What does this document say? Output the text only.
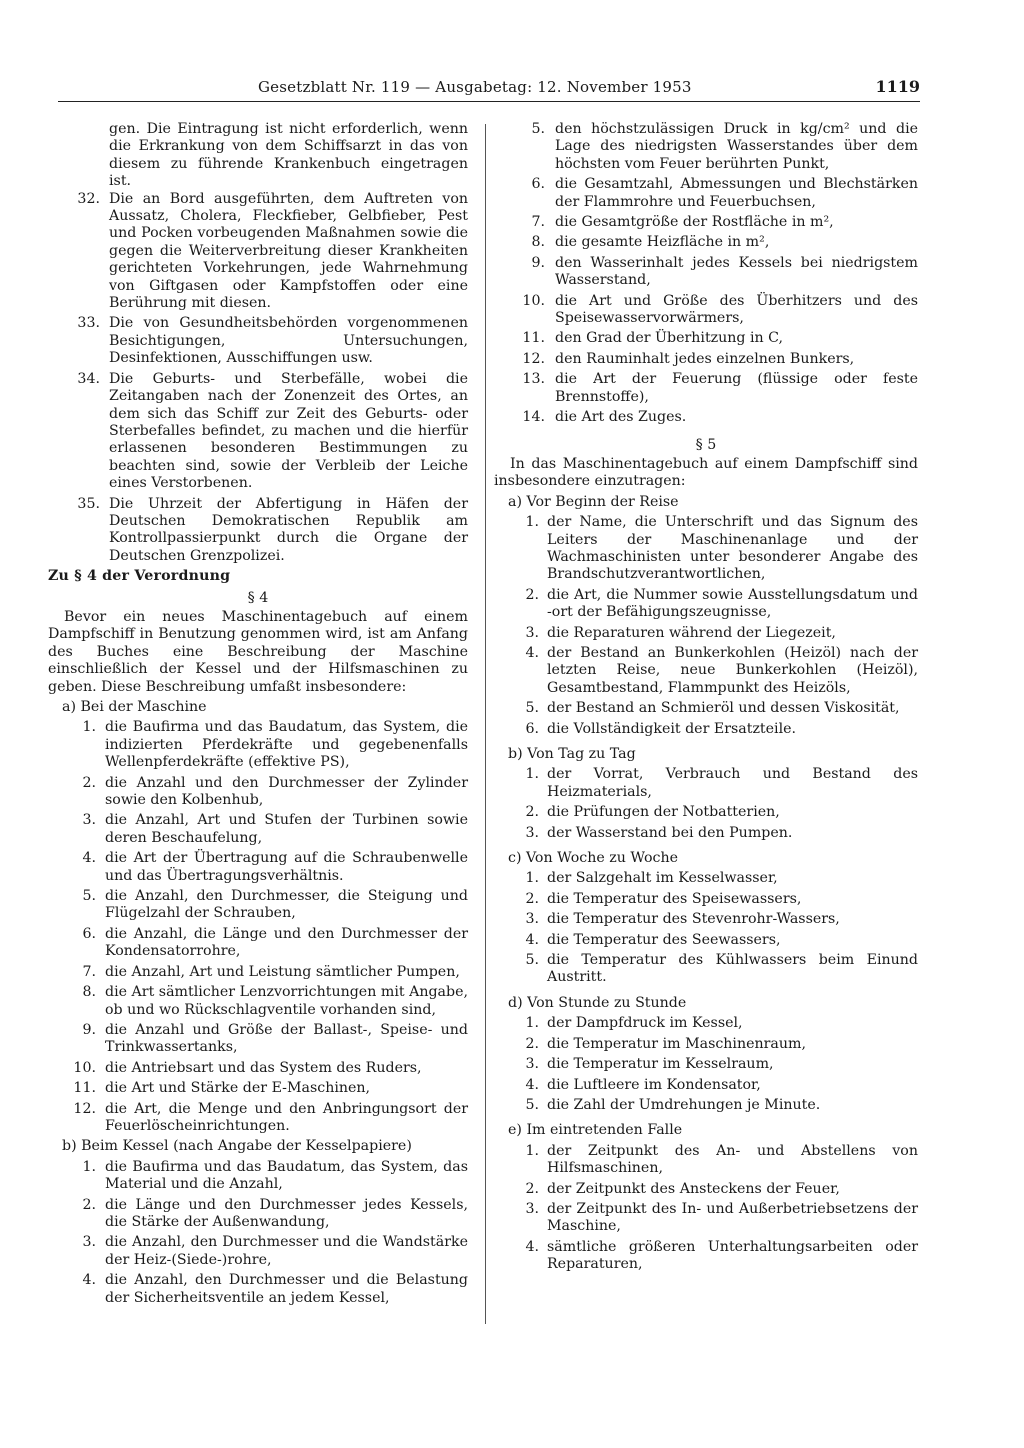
Gesetzblatt Nr. 119 — Ausgabetag: 12. November 1953	1119

gen. Die Eintragung ist nicht erforderlich, wenn die Erkrankung von dem Schiffsarzt in das von diesem zu führende Krankenbuch eingetragen ist.

32. Die an Bord ausgeführten, dem Auftreten von Aussatz, Cholera, Fleckfieber, Gelbfieber, Pest und Pocken vorbeugenden Maßnahmen sowie die gegen die Weiterverbreitung dieser Krankheiten gerichteten Vorkehrungen, jede Wahrnehmung von Giftgasen oder Kampfstoffen oder eine Berührung mit diesen.
33. Die von Gesundheitsbehörden vorgenommenen Besichtigungen, Untersuchungen, Desinfektionen, Ausschiffungen usw.
34. Die Geburts- und Sterbefälle, wobei die Zeitangaben nach der Zonenzeit des Ortes, an dem sich das Schiff zur Zeit des Geburts- oder Sterbefalles befindet, zu machen und die hierfür erlassenen besonderen Bestimmungen zu beachten sind, sowie der Verbleib der Leiche eines Verstorbenen.
35. Die Uhrzeit der Abfertigung in Häfen der Deutschen Demokratischen Republik am Kontrollpassierpunkt durch die Organe der Deutschen Grenzpolizei.

Zu § 4 der Verordnung

§ 4

Bevor ein neues Maschinentagebuch auf einem Dampfschiff in Benutzung genommen wird, ist am Anfang des Buches eine Beschreibung der Maschine einschließlich der Kessel und der Hilfsmaschinen zu geben. Diese Beschreibung umfaßt insbesondere:

a) Bei der Maschine

1. die Baufirma und das Baudatum, das System, die indizierten Pferdekräfte und gegebenenfalls Wellenpferdekräfte (effektive PS),
2. die Anzahl und den Durchmesser der Zylinder sowie den Kolbenhub,
3. die Anzahl, Art und Stufen der Turbinen sowie deren Beschaufelung,
4. die Art der Übertragung auf die Schraubenwelle und das Übertragungsverhältnis.
5. die Anzahl, den Durchmesser, die Steigung und Flügelzahl der Schrauben,
6. die Anzahl, die Länge und den Durchmesser der Kondensatorrohre,
7. die Anzahl, Art und Leistung sämtlicher Pumpen,
8. die Art sämtlicher Lenzvorrichtungen mit Angabe, ob und wo Rückschlagventile vorhanden sind,
9. die Anzahl und Größe der Ballast-, Speise- und Trinkwassertanks,
10. die Antriebsart und das System des Ruders,
11. die Art und Stärke der E-Maschinen,
12. die Art, die Menge und den Anbringungsort der Feuerlöscheinrichtungen.

b) Beim Kessel (nach Angabe der Kesselpapiere)

1. die Baufirma und das Baudatum, das System, das Material und die Anzahl,
2. die Länge und den Durchmesser jedes Kessels, die Stärke der Außenwandung,
3. die Anzahl, den Durchmesser und die Wandstärke der Heiz-(Siede-)rohre,
4. die Anzahl, den Durchmesser und die Belastung der Sicherheitsventile an jedem Kessel,
5. den höchstzulässigen Druck in kg/cm² und die Lage des niedrigsten Wasserstandes über dem höchsten vom Feuer berührten Punkt,
6. die Gesamtzahl, Abmessungen und Blechstärken der Flammrohre und Feuerbuchsen,
7. die Gesamtgröße der Rostfläche in m²,
8. die gesamte Heizfläche in m²,
9. den Wasserinhalt jedes Kessels bei niedrigstem Wasserstand,
10. die Art und Größe des Überhitzers und des Speisewasservorwärmers,
11. den Grad der Überhitzung in C,
12. den Rauminhalt jedes einzelnen Bunkers,
13. die Art der Feuerung (flüssige oder feste Brennstoffe),
14. die Art des Zuges.

§ 5

In das Maschinentagebuch auf einem Dampfschiff sind insbesondere einzutragen:

a) Vor Beginn der Reise

1. der Name, die Unterschrift und das Signum des Leiters der Maschinenanlage und der Wachmaschinisten unter besonderer Angabe des Brandschutzverantwortlichen,
2. die Art, die Nummer sowie Ausstellungsdatum und -ort der Befähigungszeugnisse,
3. die Reparaturen während der Liegezeit,
4. der Bestand an Bunkerkohlen (Heizöl) nach der letzten Reise, neue Bunkerkohlen (Heizöl), Gesamtbestand, Flammpunkt des Heizöls,
5. der Bestand an Schmieröl und dessen Viskosität,
6. die Vollständigkeit der Ersatzteile.

b) Von Tag zu Tag

1. der Vorrat, Verbrauch und Bestand des Heizmaterials,
2. die Prüfungen der Notbatterien,
3. der Wasserstand bei den Pumpen.

c) Von Woche zu Woche

1. der Salzgehalt im Kesselwasser,
2. die Temperatur des Speisewassers,
3. die Temperatur des Stevenrohr-Wassers,
4. die Temperatur des Seewassers,
5. die Temperatur des Kühlwassers beim Einund Austritt.

d) Von Stunde zu Stunde

1. der Dampfdruck im Kessel,
2. die Temperatur im Maschinenraum,
3. die Temperatur im Kesselraum,
4. die Luftleere im Kondensator,
5. die Zahl der Umdrehungen je Minute.

e) Im eintretenden Falle

1. der Zeitpunkt des An- und Abstellens von Hilfsmaschinen,
2. der Zeitpunkt des Ansteckens der Feuer,
3. der Zeitpunkt des In- und Außerbetriebsetzens der Maschine,
4. sämtliche größeren Unterhaltungsarbeiten oder Reparaturen,
